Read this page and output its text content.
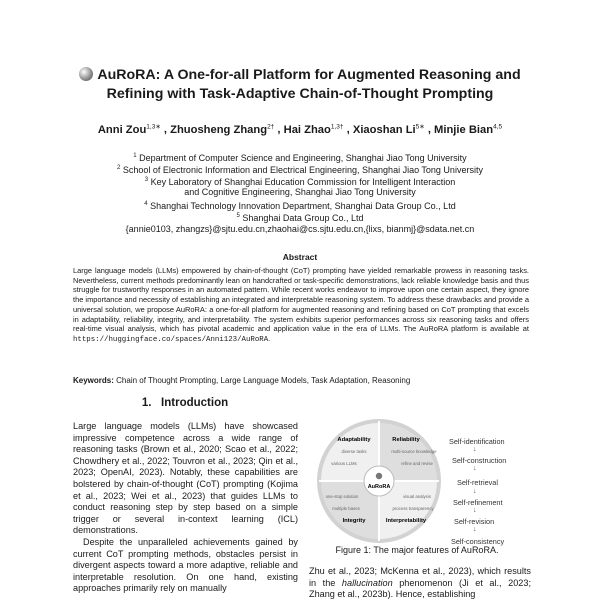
AuRoRA: A One-for-all Platform for Augmented Reasoning and
Refining with Task-Adaptive Chain-of-Thought Prompting
Anni Zou$^{1,3∗}$ , Zhuosheng Zhang$^{2\dagger}$ , Hai Zhao$^{1,3\dagger}$ , Xiaoshan $Li^{5∗}$ , Minjie Bian$^{4,5}$
$^1$ Department of Computer Science and Engineering, Shanghai Jiao Tong University
$^2$ School of Electronic Information and Electrical Engineering, Shanghai Jiao Tong University
$^3$ Key Laboratory of Shanghai Education Commission for Intelligent Interaction
and Cognitive Engineering, Shanghai Jiao Tong University
$^4$ Shanghai Technology Innovation Department, Shanghai Data Group Co., Ltd
$^5$ Shanghai Data Group Co., Ltd
{annie0103, zhangzs}@sjtu.edu.cn,zhaohai@cs.sjtu.edu.cn,{lixs, bianmj}@sdata.net.cn
Abstract
Large language models (LLMs) empowered by chain-of-thought (CoT) prompting have yielded remarkable prowess in reasoning tasks. Nevertheless, current methods predominantly lean on handcrafted or task-specific demonstrations, lack reliable knowledge basis and thus struggle for trustworthy responses in an automated pattern. While recent works endeavor to improve upon one certain aspect, they ignore the importance and necessity of establishing an integrated and interpretable reasoning system. To address these drawbacks and provide a universal solution, we propose AuRoRA: a one-for-all platform for augmented reasoning and refining based on CoT prompting that excels in adaptability, reliability, integrity, and interpretability. The system exhibits superior performances across six reasoning tasks and offers real-time visual analysis, which has pivotal academic and application value in the era of LLMs. The AuRoRA platform is available at https://huggingface.co/spaces/Anni123/AuRoRA.
Keywords: Chain of Thought Prompting, Large Language Models, Task Adaptation, Reasoning
1. Introduction

Large language models (LLMs) have showcased impressive competence across a wide range of reasoning tasks (Brown et al., 2020; Scao et al., 2022; Chowdhery et al., 2022; Touvron et al., 2023; Qin et al., 2023; OpenAI, 2023). Notably, these capabilities are bolstered by chain-of-thought (CoT) prompting (Kojima et al., 2023; Wei et al., 2023) that guides LLMs to conduct reasoning step by step based on a simple trigger or several in-context learning (ICL) demonstrations.

Despite the unparalleled achievements gained by current CoT prompting methods, obstacles persist in divergent aspects toward a more adaptive, reliable and interpretable resolution. On one hand, existing approaches primarily rely on manually

AuRoRA
Adaptability
diverse tasks
various LLMs
Reliability
multi-source knowledge
refine and revise
one-stop solution
multiple bases
Integrity
visual analysis
process transparency
Interpretability
Self-identification
↓
Self-construction
↓
Self-retrieval
↓
Self-refinement
↓
Self-revision
↓
Self-consistency
Figure 1: The major features of AuRoRA.
Zhu et al., 2023; McKenna et al., 2023), which results in the hallucination phenomenon (Ji et al., 2023; Zhang et al., 2023b). Hence, establishing
